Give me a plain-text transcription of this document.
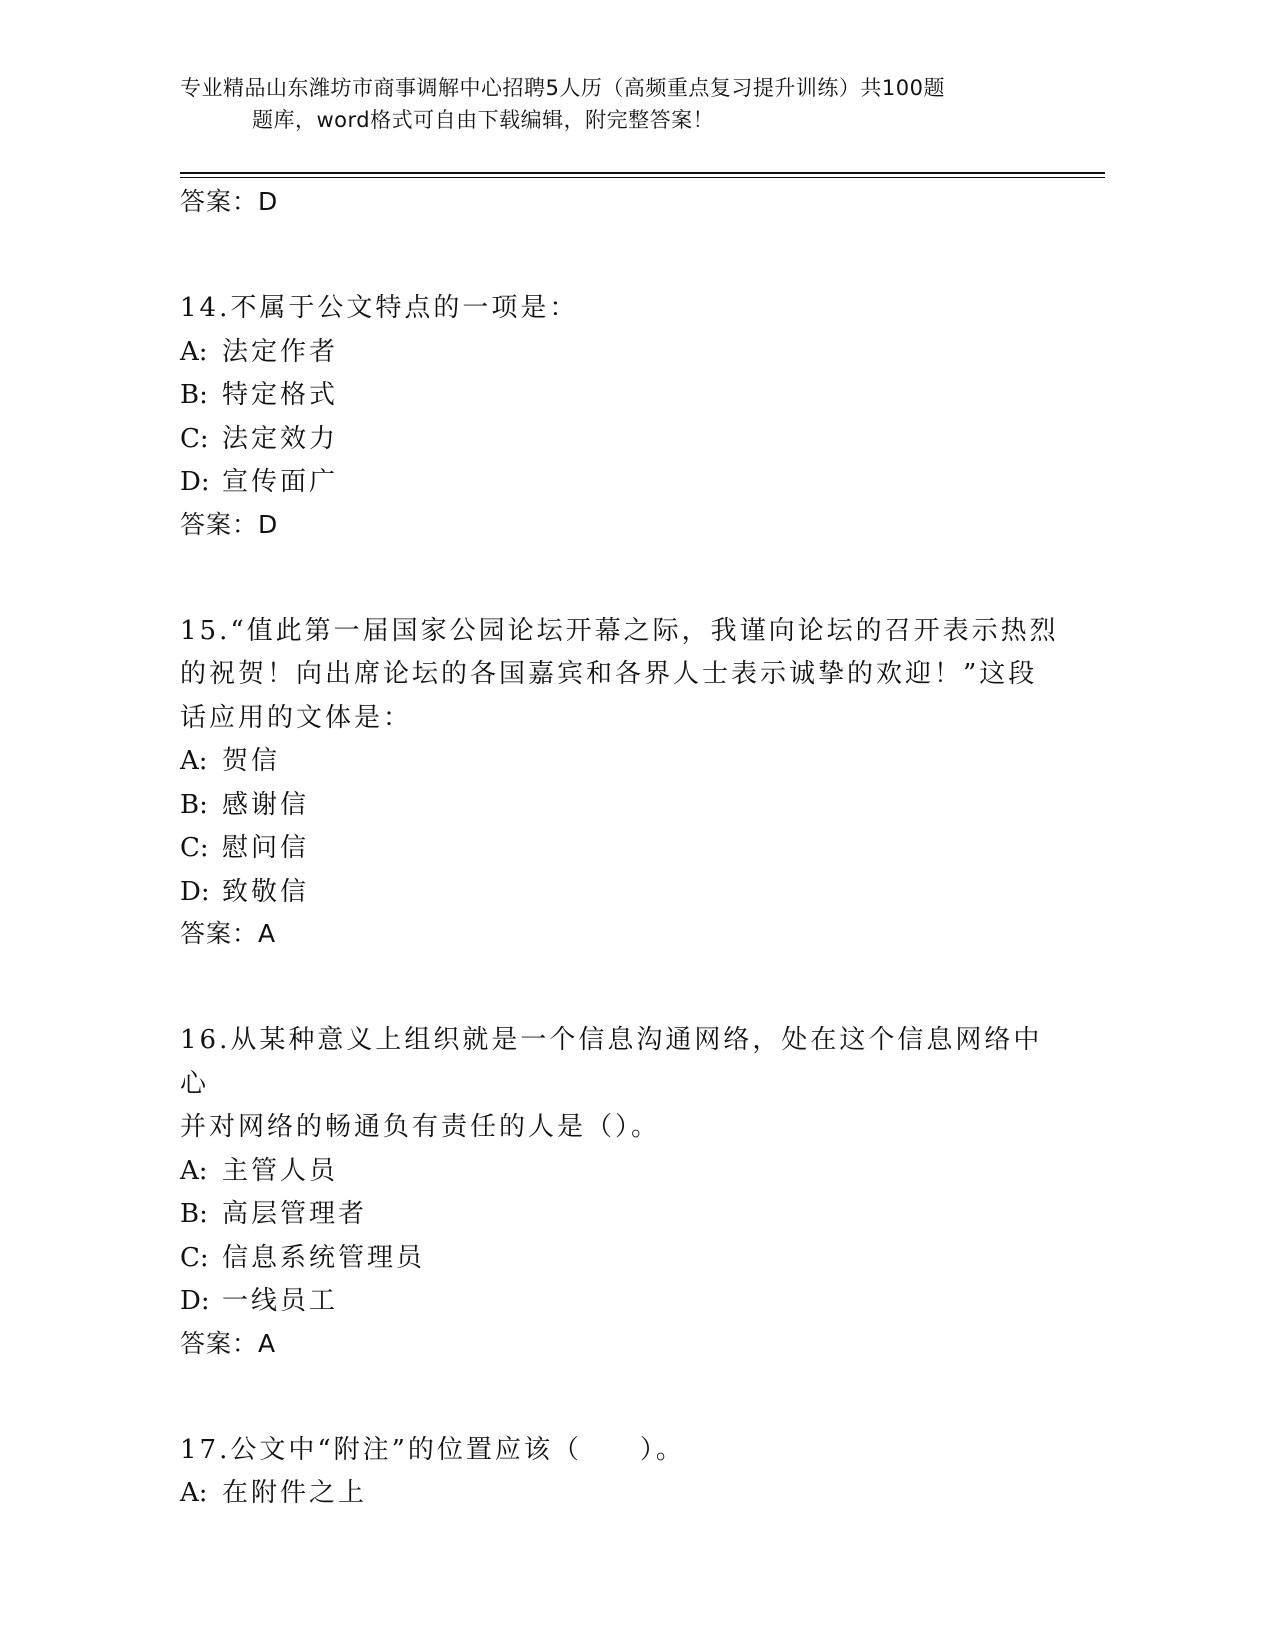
专业精品山东潍坊市商事调解中心招聘5人历（高频重点复习提升训练）共100题
题库，word格式可自由下载编辑，附完整答案！
答案：D

14.不属于公文特点的一项是：

A: 法定作者
B: 特定格式
C: 法定效力
D: 宣传面广
答案：D

15.“值此第一届国家公园论坛开幕之际，我谨向论坛的召开表示热烈

的祝贺！向出席论坛的各国嘉宾和各界人士表示诚挚的欢迎！”这段

话应用的文体是：

A: 贺信
B: 感谢信
C: 慰问信
D: 致敬信
答案：A

16.从某种意义上组织就是一个信息沟通网络，处在这个信息网络中心

并对网络的畅通负有责任的人是（）。

A: 主管人员
B: 高层管理者
C: 信息系统管理员
D: 一线员工
答案：A

17.公文中“附注”的位置应该（　　）。

A: 在附件之上
